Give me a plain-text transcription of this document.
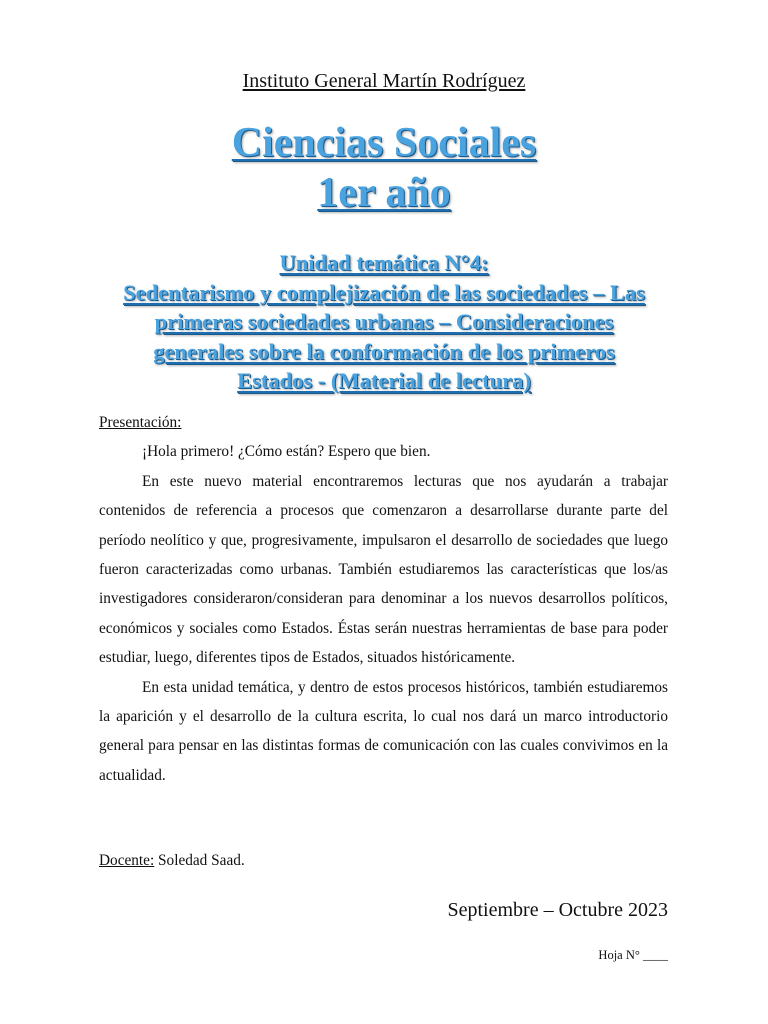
Instituto General Martín Rodríguez
Ciencias Sociales
1er año
Unidad temática N°4:
Sedentarismo y complejización de las sociedades – Las
primeras sociedades urbanas – Consideraciones
generales sobre la conformación de los primeros
Estados - (Material de lectura)
Presentación:

¡Hola primero! ¿Cómo están? Espero que bien.

En este nuevo material encontraremos lecturas que nos ayudarán a trabajar contenidos de referencia a procesos que comenzaron a desarrollarse durante parte del período neolítico y que, progresivamente, impulsaron el desarrollo de sociedades que luego fueron caracterizadas como urbanas. También estudiaremos las características que los/as investigadores consideraron/consideran para denominar a los nuevos desarrollos políticos, económicos y sociales como Estados. Éstas serán nuestras herramientas de base para poder estudiar, luego, diferentes tipos de Estados, situados históricamente.

En esta unidad temática, y dentro de estos procesos históricos, también estudiaremos la aparición y el desarrollo de la cultura escrita, lo cual nos dará un marco introductorio general para pensar en las distintas formas de comunicación con las cuales convivimos en la actualidad.

Docente: Soledad Saad.
Septiembre – Octubre 2023
Hoja N° ____
